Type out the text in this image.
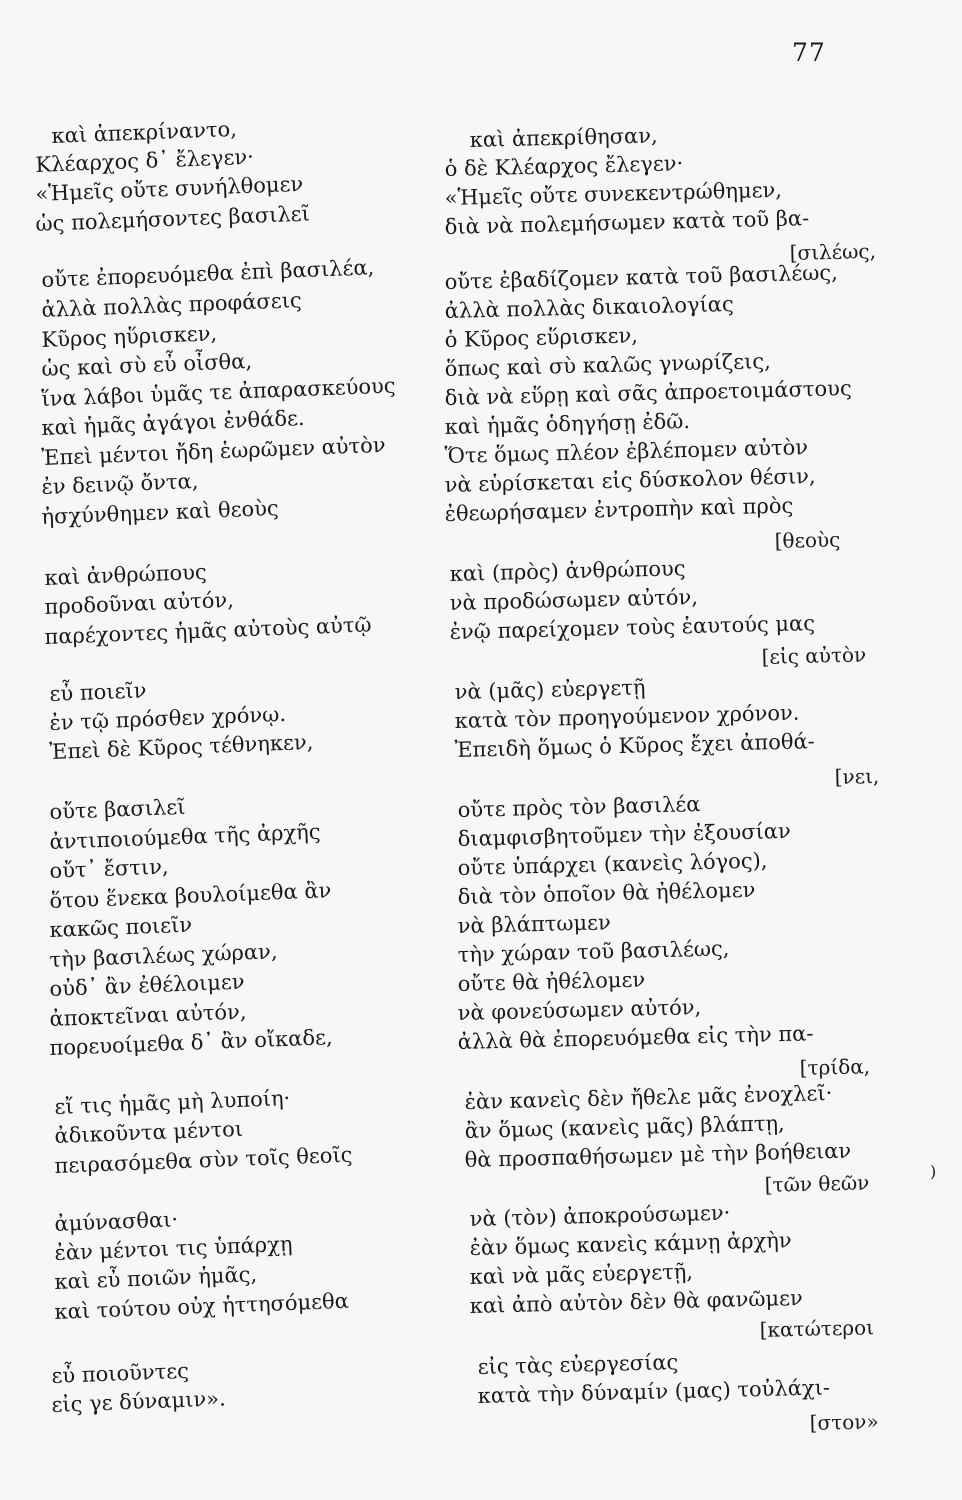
77
καὶ ἀπεκρίναντο,
Κλέαρχος δ᾽ ἔλεγεν·
«Ἡμεῖς οὔτε συνήλθομεν
ὡς πολεμήσοντες βασιλεῖ
οὔτε ἐπορευόμεθα ἐπὶ βασιλέα,
ἀλλὰ πολλὰς προφάσεις
Κῦρος ηὕρισκεν,
ὡς καὶ σὺ εὖ οἶσθα,
ἵνα λάβοι ὑμᾶς τε ἀπαρασκεύους
καὶ ἡμᾶς ἀγάγοι ἐνθάδε.
Ἐπεὶ μέντοι ἤδη ἑωρῶμεν αὐτὸν
ἐν δεινῷ ὄντα,
ἠσχύνθημεν καὶ θεοὺς
καὶ ἀνθρώπους
προδοῦναι αὐτόν,
παρέχοντες ἡμᾶς αὐτοὺς αὐτῷ
εὖ ποιεῖν
ἐν τῷ πρόσθεν χρόνῳ.
Ἐπεὶ δὲ Κῦρος τέθνηκεν,
οὔτε βασιλεῖ
ἀντιποιούμεθα τῆς ἀρχῆς
οὔτ᾽ ἔστιν,
ὅτου ἕνεκα βουλοίμεθα ἂν
κακῶς ποιεῖν
τὴν βασιλέως χώραν,
οὐδ᾽ ἂν ἐθέλοιμεν
ἀποκτεῖναι αὐτόν,
πορευοίμεθα δ᾽ ἂν οἴκαδε,
εἴ τις ἡμᾶς μὴ λυποίη·
ἀδικοῦντα μέντοι
πειρασόμεθα σὺν τοῖς θεοῖς
ἀμύνασθαι·
ἐὰν μέντοι τις ὑπάρχῃ
καὶ εὖ ποιῶν ἡμᾶς,
καὶ τούτου οὐχ ἡττησόμεθα
εὖ ποιοῦντες
εἰς γε δύναμιν».
καὶ ἀπεκρίθησαν,
ὁ δὲ Κλέαρχος ἔλεγεν·
«Ἡμεῖς οὔτε συνεκεντρώθημεν,
διὰ νὰ πολεμήσωμεν κατὰ τοῦ βα-
[σιλέως,
οὔτε ἐβαδίζομεν κατὰ τοῦ βασιλέως,
ἀλλὰ πολλὰς δικαιολογίας
ὁ Κῦρος εὕρισκεν,
ὅπως καὶ σὺ καλῶς γνωρίζεις,
διὰ νὰ εὕρῃ καὶ σᾶς ἀπροετοιμάστους
καὶ ἡμᾶς ὁδηγήσῃ ἐδῶ.
Ὅτε ὅμως πλέον ἐβλέπομεν αὐτὸν
νὰ εὑρίσκεται εἰς δύσκολον θέσιν,
ἐθεωρήσαμεν ἐντροπὴν καὶ πρὸς
[θεοὺς
καὶ (πρὸς) ἀνθρώπους
νὰ προδώσωμεν αὐτόν,
ἐνῷ παρείχομεν τοὺς ἑαυτούς μας
[εἰς αὐτὸν
νὰ (μᾶς) εὐεργετῇ
κατὰ τὸν προηγούμενον χρόνον.
Ἐπειδὴ ὅμως ὁ Κῦρος ἔχει ἀποθά-
[νει,
οὔτε πρὸς τὸν βασιλέα
διαμφισβητοῦμεν τὴν ἐξουσίαν
οὔτε ὑπάρχει (κανεὶς λόγος),
διὰ τὸν ὁποῖον θὰ ἠθέλομεν
νὰ βλάπτωμεν
τὴν χώραν τοῦ βασιλέως,
οὔτε θὰ ἠθέλομεν
νὰ φονεύσωμεν αὐτόν,
ἀλλὰ θὰ ἐπορευόμεθα εἰς τὴν πα-
[τρίδα,
ἐὰν κανεὶς δὲν ἤθελε μᾶς ἐνοχλεῖ·
ἂν ὅμως (κανεὶς μᾶς) βλάπτῃ,
θὰ προσπαθήσωμεν μὲ τὴν βοήθειαν
[τῶν θεῶν
νὰ (τὸν) ἀποκρούσωμεν·
ἐὰν ὅμως κανεὶς κάμνῃ ἀρχὴν
καὶ νὰ μᾶς εὐεργετῇ,
καὶ ἀπὸ αὐτὸν δὲν θὰ φανῶμεν
[κατώτεροι
εἰς τὰς εὐεργεσίας
κατὰ τὴν δύναμίν (μας) τοὐλάχι-
[στον»
)
